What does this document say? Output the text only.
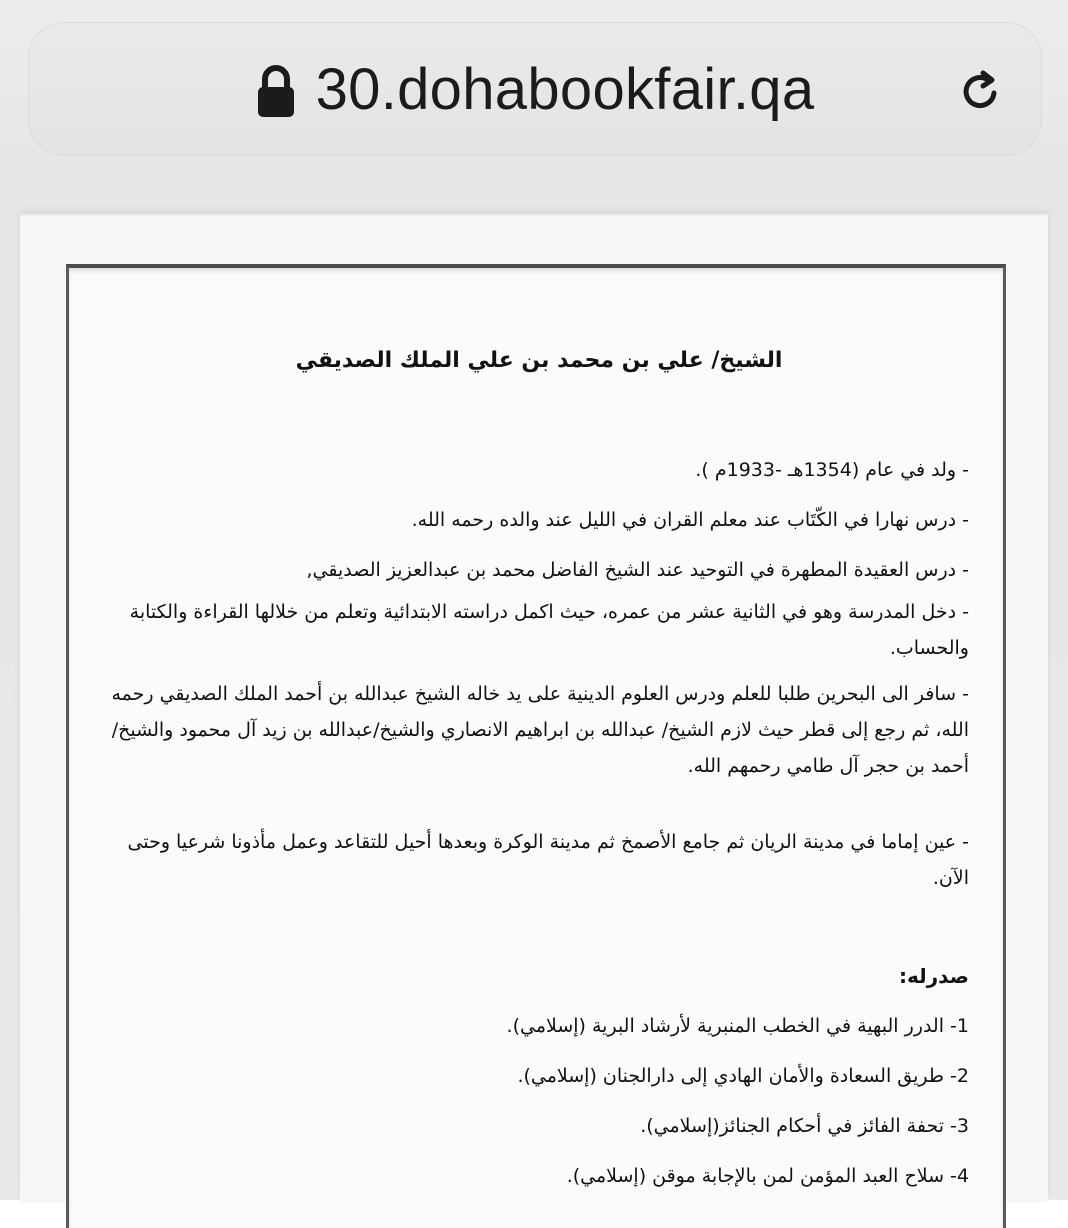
30.dohabookfair.qa
الشيخ/ علي بن محمد بن علي الملك الصديقي
- ولد في عام (1354هـ -1933م ).
- درس نهارا في الكّتَاب عند معلم القران في الليل عند والده رحمه الله.
- درس العقيدة المطهرة في التوحيد عند الشيخ الفاضل محمد بن عبدالعزيز الصديقي,
- دخل المدرسة وهو في الثانية عشر من عمره، حيث اكمل دراسته الابتدائية وتعلم من خلالها القراءة والكتابة والحساب.
- سافر الى البحرين طلبا للعلم ودرس العلوم الدينية على يد خاله الشيخ عبدالله بن أحمد الملك الصديقي رحمه الله، ثم رجع إلى قطر حيث لازم الشيخ/ عبدالله بن ابراهيم الانصاري والشيخ/عبدالله بن زيد آل محمود والشيخ/أحمد بن حجر آل طامي رحمهم الله.
- عين إماما في مدينة الريان ثم جامع الأصمخ ثم مدينة الوكرة وبعدها أحيل للتقاعد وعمل مأذونا شرعيا وحتى الآن.
صدرله:
1- الدرر البهية في الخطب المنبرية لأرشاد البرية (إسلامي).
2- طريق السعادة والأمان الهادي إلى دارالجنان (إسلامي).
3- تحفة الفائز في أحكام الجنائز(إسلامي).
4- سلاح العبد المؤمن لمن بالإجابة موقن (إسلامي).
